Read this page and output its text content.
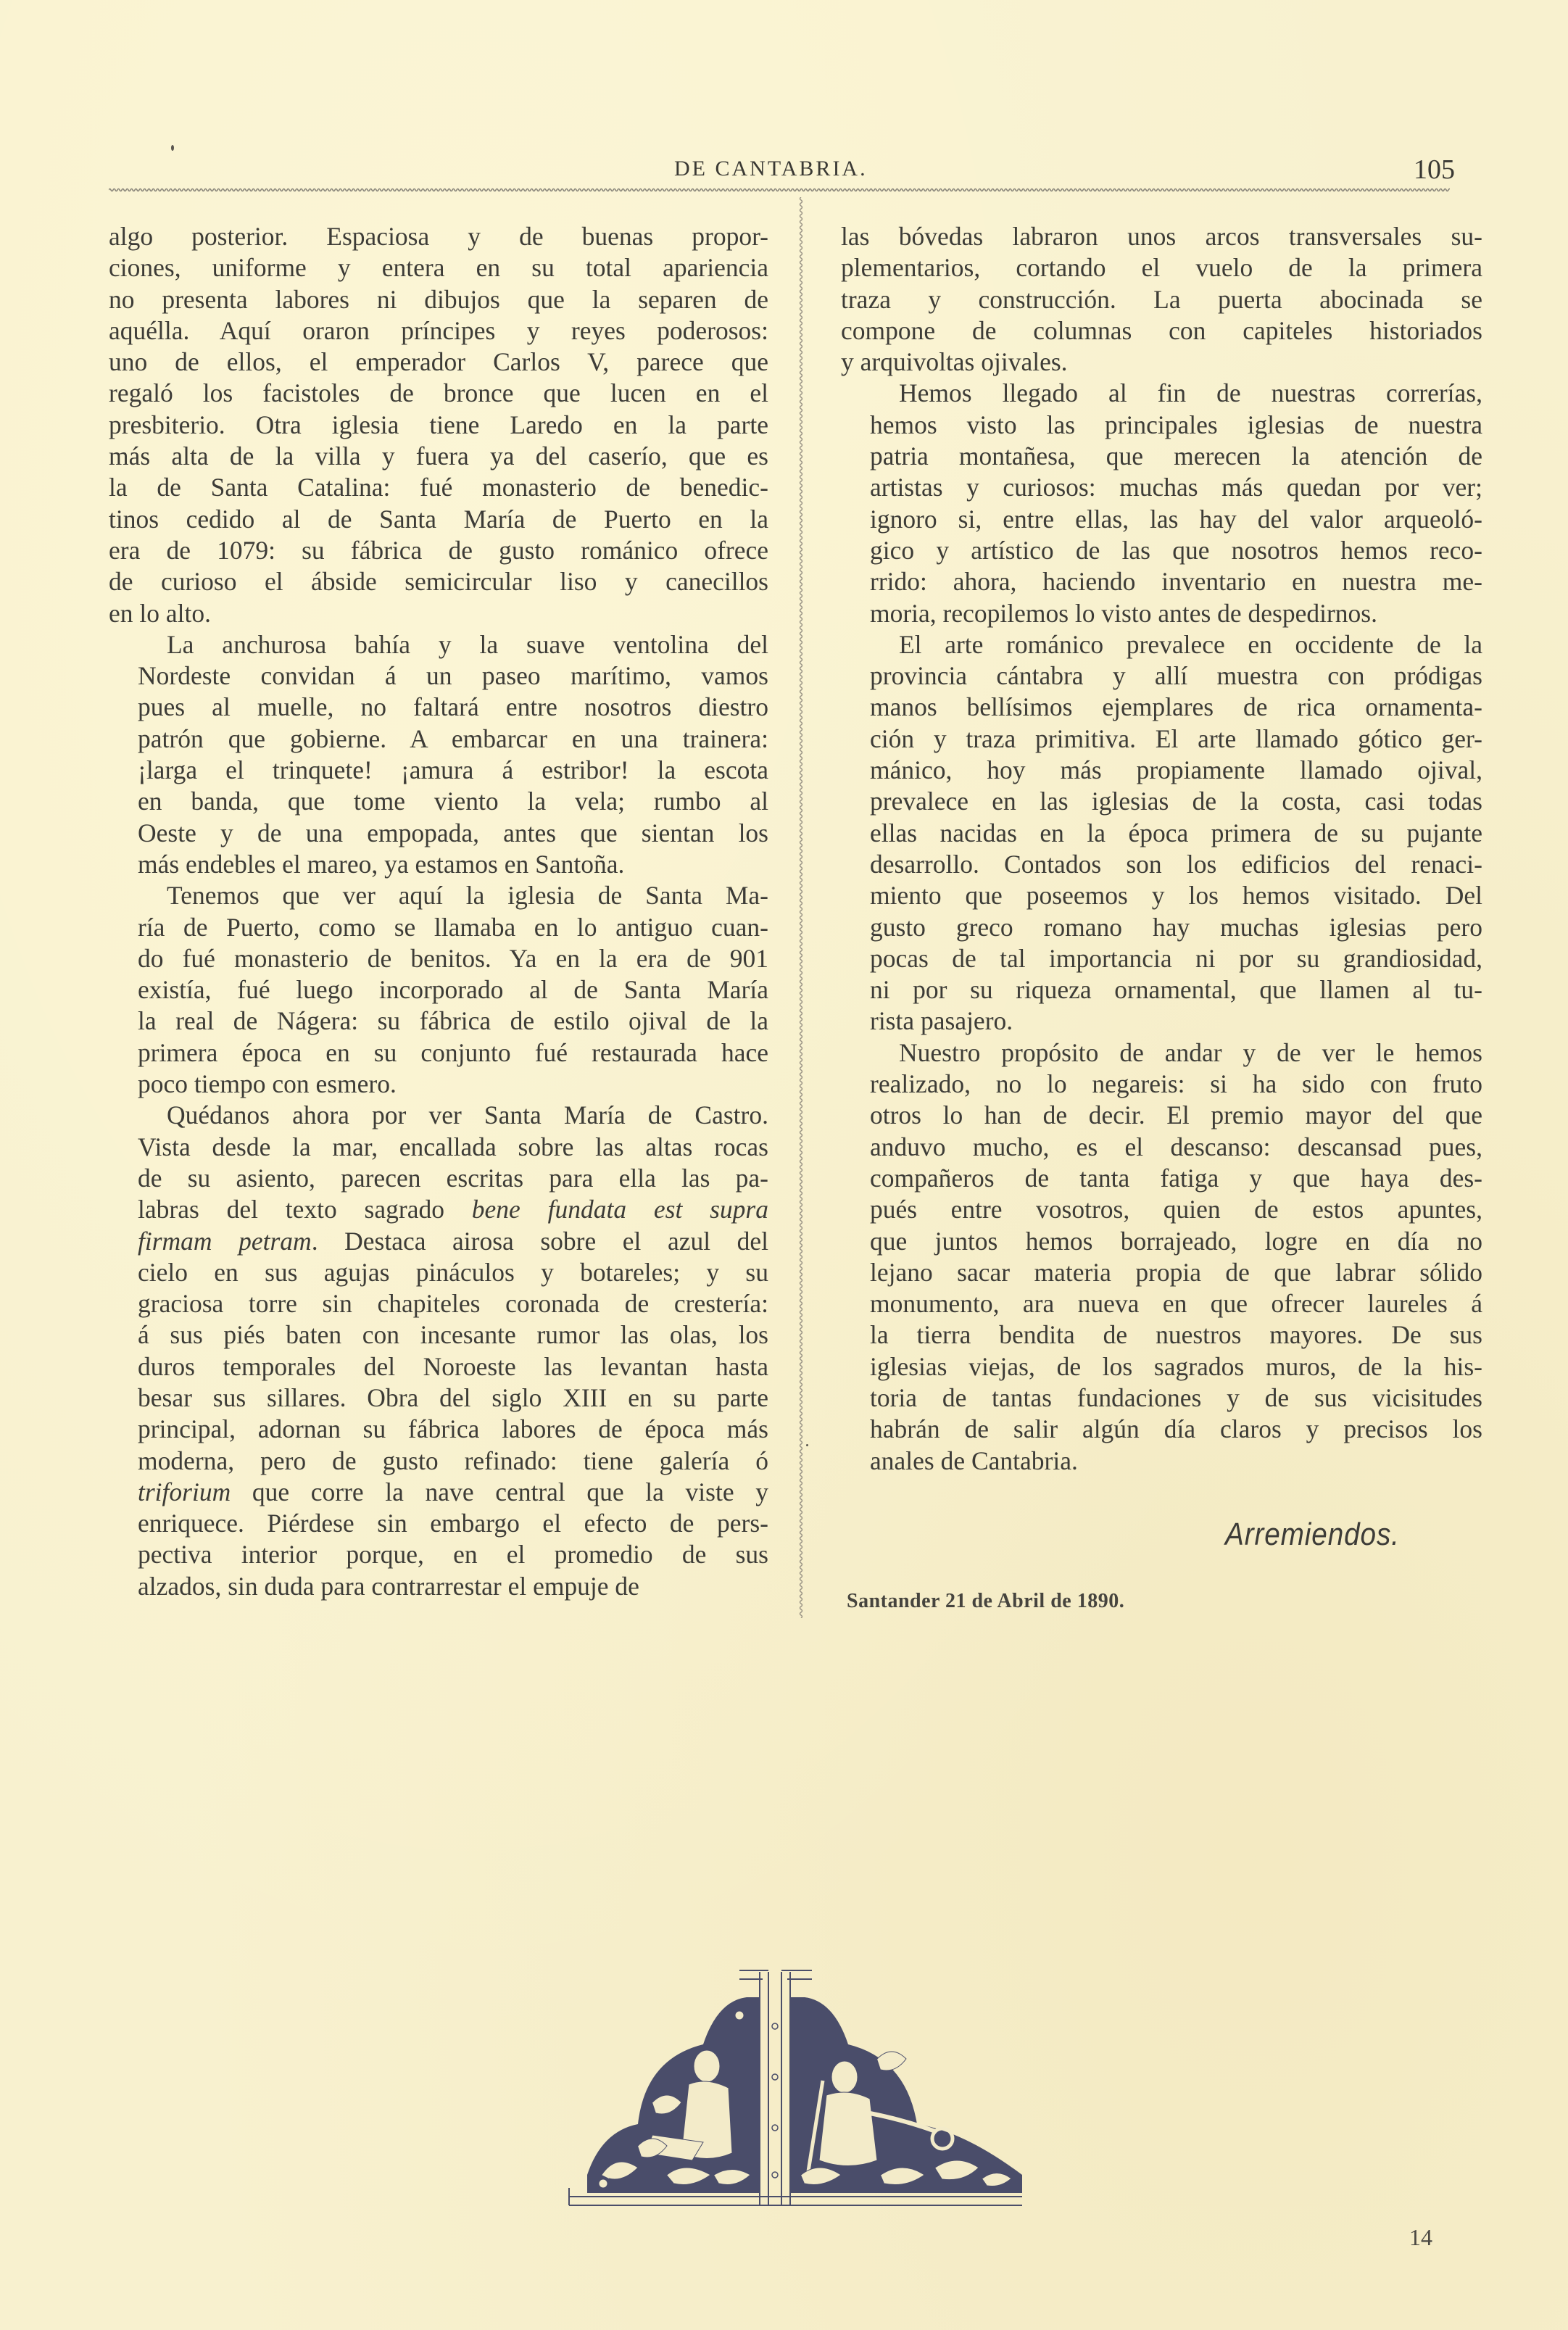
DE CANTABRIA.	105

algo posterior. Espaciosa y de buenas propor-
ciones, uniforme y entera en su total apariencia
no presenta labores ni dibujos que la separen de
aquélla. Aquí oraron príncipes y reyes poderosos:
uno de ellos, el emperador Carlos V, parece que
regaló los facistoles de bronce que lucen en el
presbiterio. Otra iglesia tiene Laredo en la parte
más alta de la villa y fuera ya del caserío, que es
la de Santa Catalina: fué monasterio de benedic-
tinos cedido al de Santa María de Puerto en la
era de 1079: su fábrica de gusto románico ofrece
de curioso el ábside semicircular liso y canecillos
en lo alto.

La anchurosa bahía y la suave ventolina del
Nordeste convidan á un paseo marítimo, vamos
pues al muelle, no faltará entre nosotros diestro
patrón que gobierne. A embarcar en una trainera:
¡larga el trinquete! ¡amura á estribor! la escota
en banda, que tome viento la vela; rumbo al
Oeste y de una empopada, antes que sientan los
más endebles el mareo, ya estamos en Santoña.

Tenemos que ver aquí la iglesia de Santa Ma-
ría de Puerto, como se llamaba en lo antiguo cuan-
do fué monasterio de benitos. Ya en la era de 901
existía, fué luego incorporado al de Santa María
la real de Nágera: su fábrica de estilo ojival de la
primera época en su conjunto fué restaurada hace
poco tiempo con esmero.

Quédanos ahora por ver Santa María de Castro.
Vista desde la mar, encallada sobre las altas rocas
de su asiento, parecen escritas para ella las pa-
labras del texto sagrado bene fundata est supra
firmam petram. Destaca airosa sobre el azul del
cielo en sus agujas pináculos y botareles; y su
graciosa torre sin chapiteles coronada de crestería:
á sus piés baten con incesante rumor las olas, los
duros temporales del Noroeste las levantan hasta
besar sus sillares. Obra del siglo XIII en su parte
principal, adornan su fábrica labores de época más
moderna, pero de gusto refinado: tiene galería ó
triforium que corre la nave central que la viste y
enriquece. Piérdese sin embargo el efecto de pers-
pectiva interior porque, en el promedio de sus
alzados, sin duda para contrarrestar el empuje de

las bóvedas labraron unos arcos transversales su-
plementarios, cortando el vuelo de la primera
traza y construcción. La puerta abocinada se
compone de columnas con capiteles historiados
y arquivoltas ojivales.

Hemos llegado al fin de nuestras correrías,
hemos visto las principales iglesias de nuestra
patria montañesa, que merecen la atención de
artistas y curiosos: muchas más quedan por ver;
ignoro si, entre ellas, las hay del valor arqueoló-
gico y artístico de las que nosotros hemos reco-
rrido: ahora, haciendo inventario en nuestra me-
moria, recopilemos lo visto antes de despedirnos.

El arte románico prevalece en occidente de la
provincia cántabra y allí muestra con pródigas
manos bellísimos ejemplares de rica ornamenta-
ción y traza primitiva. El arte llamado gótico ger-
mánico, hoy más propiamente llamado ojival,
prevalece en las iglesias de la costa, casi todas
ellas nacidas en la época primera de su pujante
desarrollo. Contados son los edificios del renaci-
miento que poseemos y los hemos visitado. Del
gusto greco romano hay muchas iglesias pero
pocas de tal importancia ni por su grandiosidad,
ni por su riqueza ornamental, que llamen al tu-
rista pasajero.

Nuestro propósito de andar y de ver le hemos
realizado, no lo negareis: si ha sido con fruto
otros lo han de decir. El premio mayor del que
anduvo mucho, es el descanso: descansad pues,
compañeros de tanta fatiga y que haya des-
pués entre vosotros, quien de estos apuntes,
que juntos hemos borrajeado, logre en día no
lejano sacar materia propia de que labrar sólido
monumento, ara nueva en que ofrecer laureles á
la tierra bendita de nuestros mayores. De sus
iglesias viejas, de los sagrados muros, de la his-
toria de tantas fundaciones y de sus vicisitudes
habrán de salir algún día claros y precisos los
anales de Cantabria.

Arremiendos.
Santander 21 de Abril de 1890.
14
